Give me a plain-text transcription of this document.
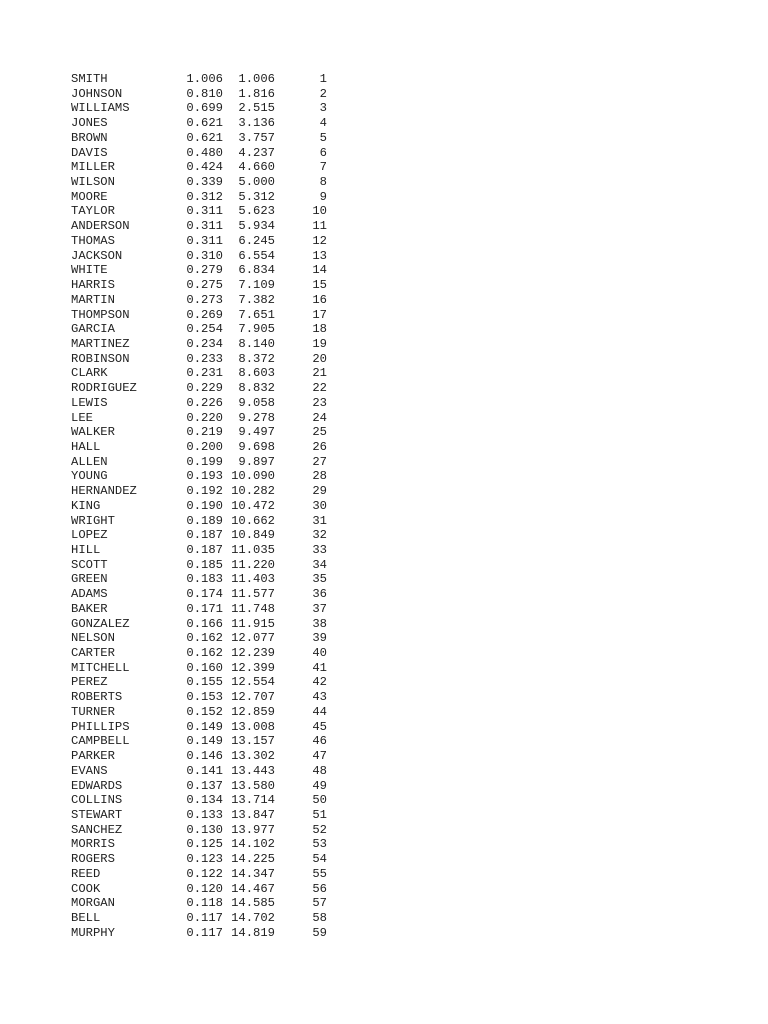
SMITH	1.006	1.006	1
JOHNSON	0.810	1.816	2
WILLIAMS	0.699	2.515	3
JONES	0.621	3.136	4
BROWN	0.621	3.757	5
DAVIS	0.480	4.237	6
MILLER	0.424	4.660	7
WILSON	0.339	5.000	8
MOORE	0.312	5.312	9
TAYLOR	0.311	5.623	10
ANDERSON	0.311	5.934	11
THOMAS	0.311	6.245	12
JACKSON	0.310	6.554	13
WHITE	0.279	6.834	14
HARRIS	0.275	7.109	15
MARTIN	0.273	7.382	16
THOMPSON	0.269	7.651	17
GARCIA	0.254	7.905	18
MARTINEZ	0.234	8.140	19
ROBINSON	0.233	8.372	20
CLARK	0.231	8.603	21
RODRIGUEZ	0.229	8.832	22
LEWIS	0.226	9.058	23
LEE	0.220	9.278	24
WALKER	0.219	9.497	25
HALL	0.200	9.698	26
ALLEN	0.199	9.897	27
YOUNG	0.193 10.090	28
HERNANDEZ	0.192 10.282	29
KING	0.190 10.472	30
WRIGHT	0.189 10.662	31
LOPEZ	0.187 10.849	32
HILL	0.187 11.035	33
SCOTT	0.185 11.220	34
GREEN	0.183 11.403	35
ADAMS	0.174 11.577	36
BAKER	0.171 11.748	37
GONZALEZ	0.166 11.915	38
NELSON	0.162 12.077	39
CARTER	0.162 12.239	40
MITCHELL	0.160 12.399	41
PEREZ	0.155 12.554	42
ROBERTS	0.153 12.707	43
TURNER	0.152 12.859	44
PHILLIPS	0.149 13.008	45
CAMPBELL	0.149 13.157	46
PARKER	0.146 13.302	47
EVANS	0.141 13.443	48
EDWARDS	0.137 13.580	49
COLLINS	0.134 13.714	50
STEWART	0.133 13.847	51
SANCHEZ	0.130 13.977	52
MORRIS	0.125 14.102	53
ROGERS	0.123 14.225	54
REED	0.122 14.347	55
COOK	0.120 14.467	56
MORGAN	0.118 14.585	57
BELL	0.117 14.702	58
MURPHY	0.117 14.819	59
